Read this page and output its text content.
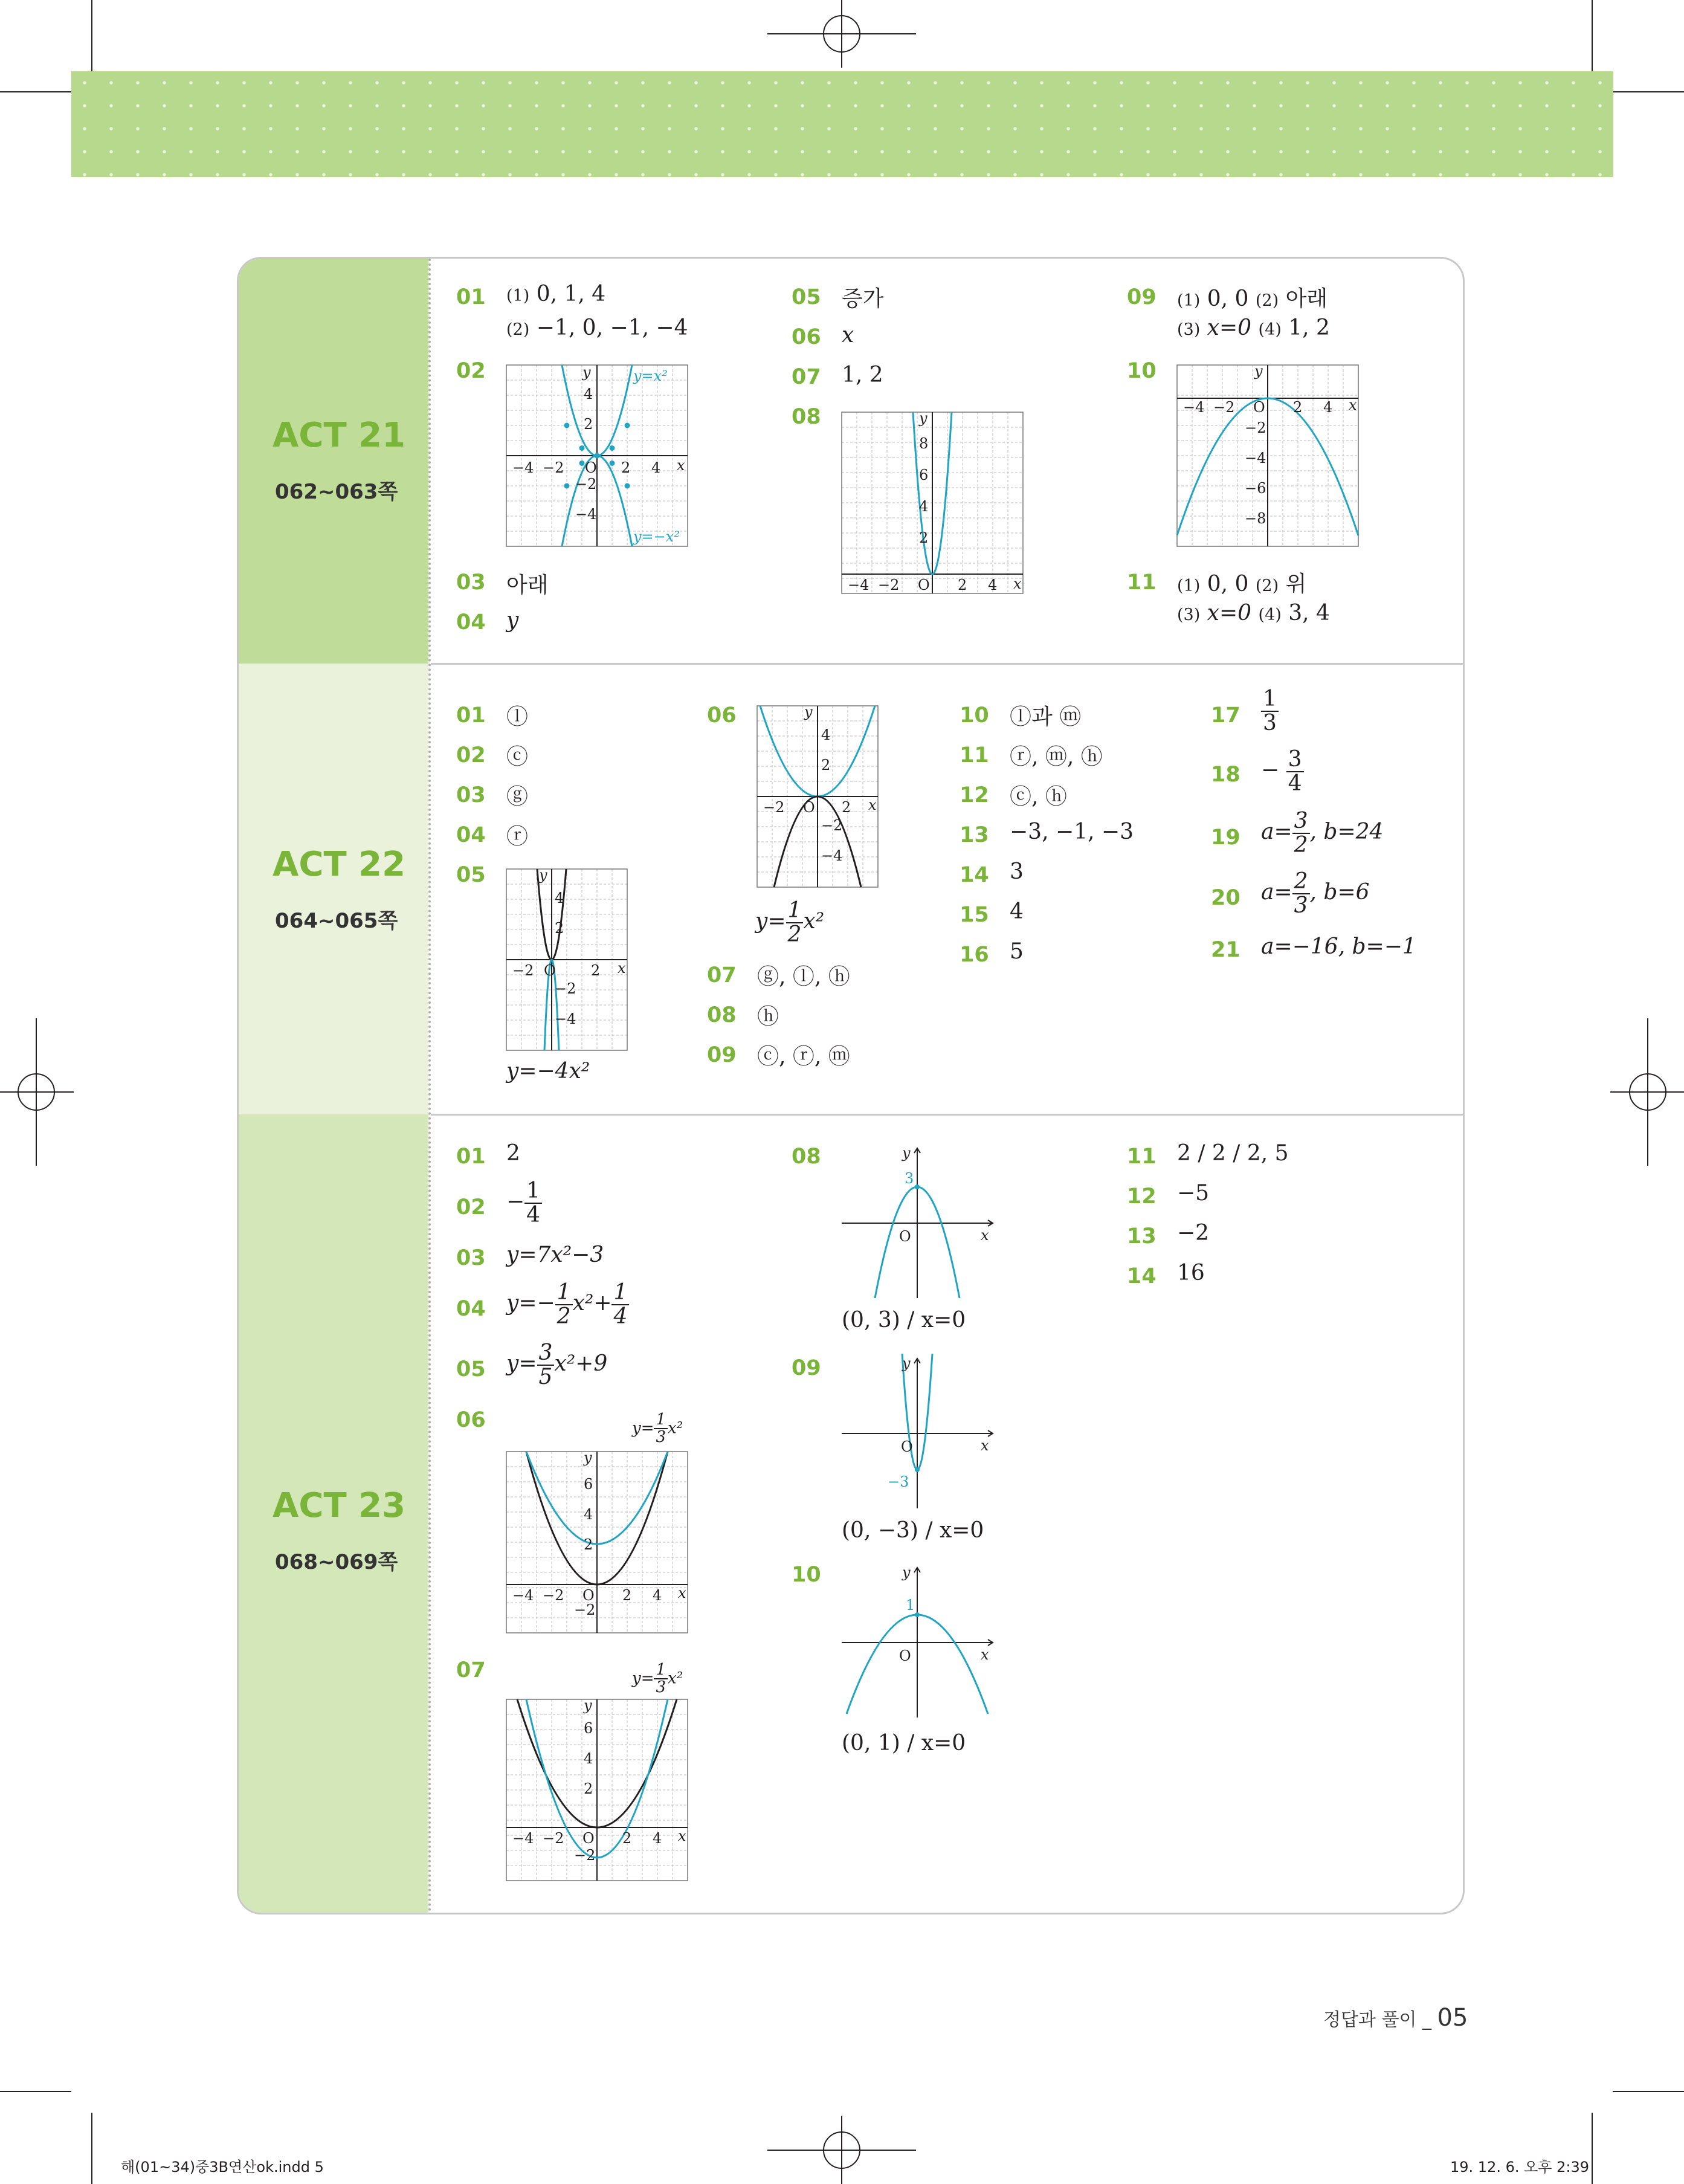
ACT 21
062~063쪽
ACT 22
064~065쪽
ACT 23
068~069쪽
01 (1) 0, 1, 4
(2) −1, 0, −1, −4
02
03 아래
04 y
05 증가
06 x
07 1, 2
08
09 (1) 0, 0 (2) 아래
(3) x=0 (4) 1, 2
10
11 (1) 0, 0 (2) 위
(3) x=0 (4) 3, 4
−4 −2 O 2 4 x
y
4
2
−2
−4
y=x²
y=−x²
−4 −2 O 2 4 x
y
8
6
4
2
−4 −2 O 2 4 x
y
−2
−4
−6
−8
01 ⓛ
02 ⓒ
03 ⓖ
04 ⓡ
05
y=−4x²
06
$y= \frac{1}{2} x^2$
07 ⓖ, ⓛ, ⓗ
08 ⓗ
09 ⓒ, ⓡ, ⓜ
10 ⓛ과 ⓜ
11 ⓡ, ⓜ, ⓗ
12 ⓒ, ⓗ
13 −3, −1, −3
14 3
15 4
16 5
$17 \frac{1}{3}$
$18 - \frac{3}{4}$
19 $a= \frac{3}{2}$ , b=24
20 $a= \frac{2}{3}$ , b=6
21 a=−16, b=−1
−2 O 2 x
y
4
2
−2
−4
−2 O 2 x
y
4
2
−2
−4
01 2
$02 - \frac{1}{4}$
03 y=7x²−3
04 $y=- \frac{1}{2} x^2+ \frac{1}{4}$
05 $y= \frac{3}{5} x^2+9$
06	$y= \frac{1}{3} x^2$
07	$y= \frac{1}{3} x^2$
08
(0, 3) / x=0
09
(0, −3) / x=0
10
(0, 1) / x=0
11 2 / 2 / 2, 5
12 −5
13 −2
14 16
−4 −2 O 2 4 x
y
6
4
2
−2
−4 −2 O 2 4 x
y
6
4
2
−2
O	x
y
3
O	x
y
−3
O	x
y
1
정답과 풀이 _ 05
해(01~34)중3B연산ok.indd 5	19. 12. 6. 오후 2:39
